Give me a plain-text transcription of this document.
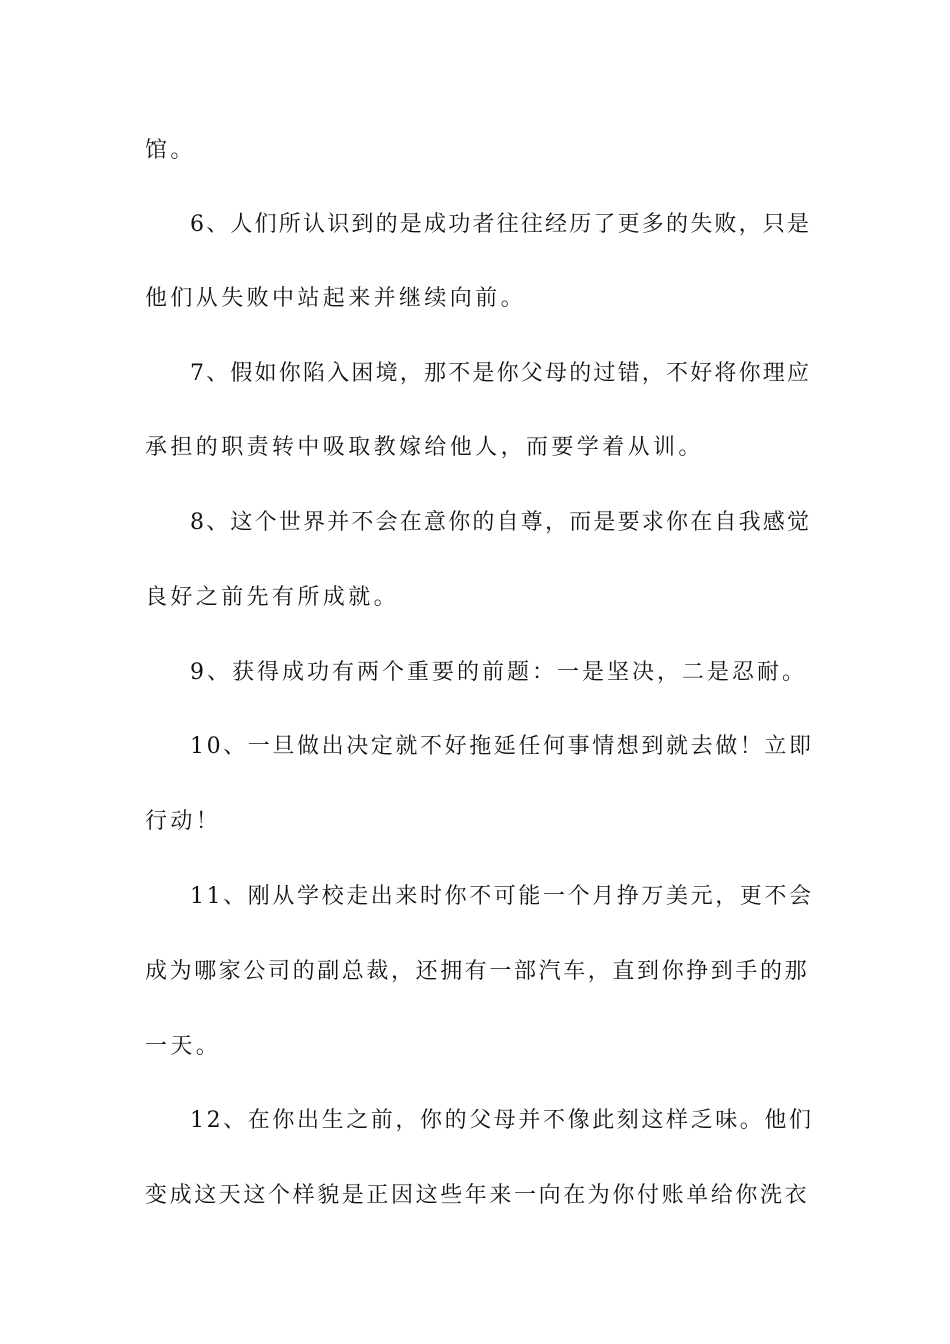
馆。
6、人们所认识到的是成功者往往经历了更多的失败，只是
他们从失败中站起来并继续向前。
7、假如你陷入困境，那不是你父母的过错，不好将你理应
承担的职责转中吸取教嫁给他人，而要学着从训。
8、这个世界并不会在意你的自尊，而是要求你在自我感觉
良好之前先有所成就。
9、获得成功有两个重要的前题：一是坚决，二是忍耐。
10、一旦做出决定就不好拖延任何事情想到就去做！立即
行动！
11、刚从学校走出来时你不可能一个月挣万美元，更不会
成为哪家公司的副总裁，还拥有一部汽车，直到你挣到手的那
一天。
12、在你出生之前，你的父母并不像此刻这样乏味。他们
变成这天这个样貌是正因这些年来一向在为你付账单给你洗衣
